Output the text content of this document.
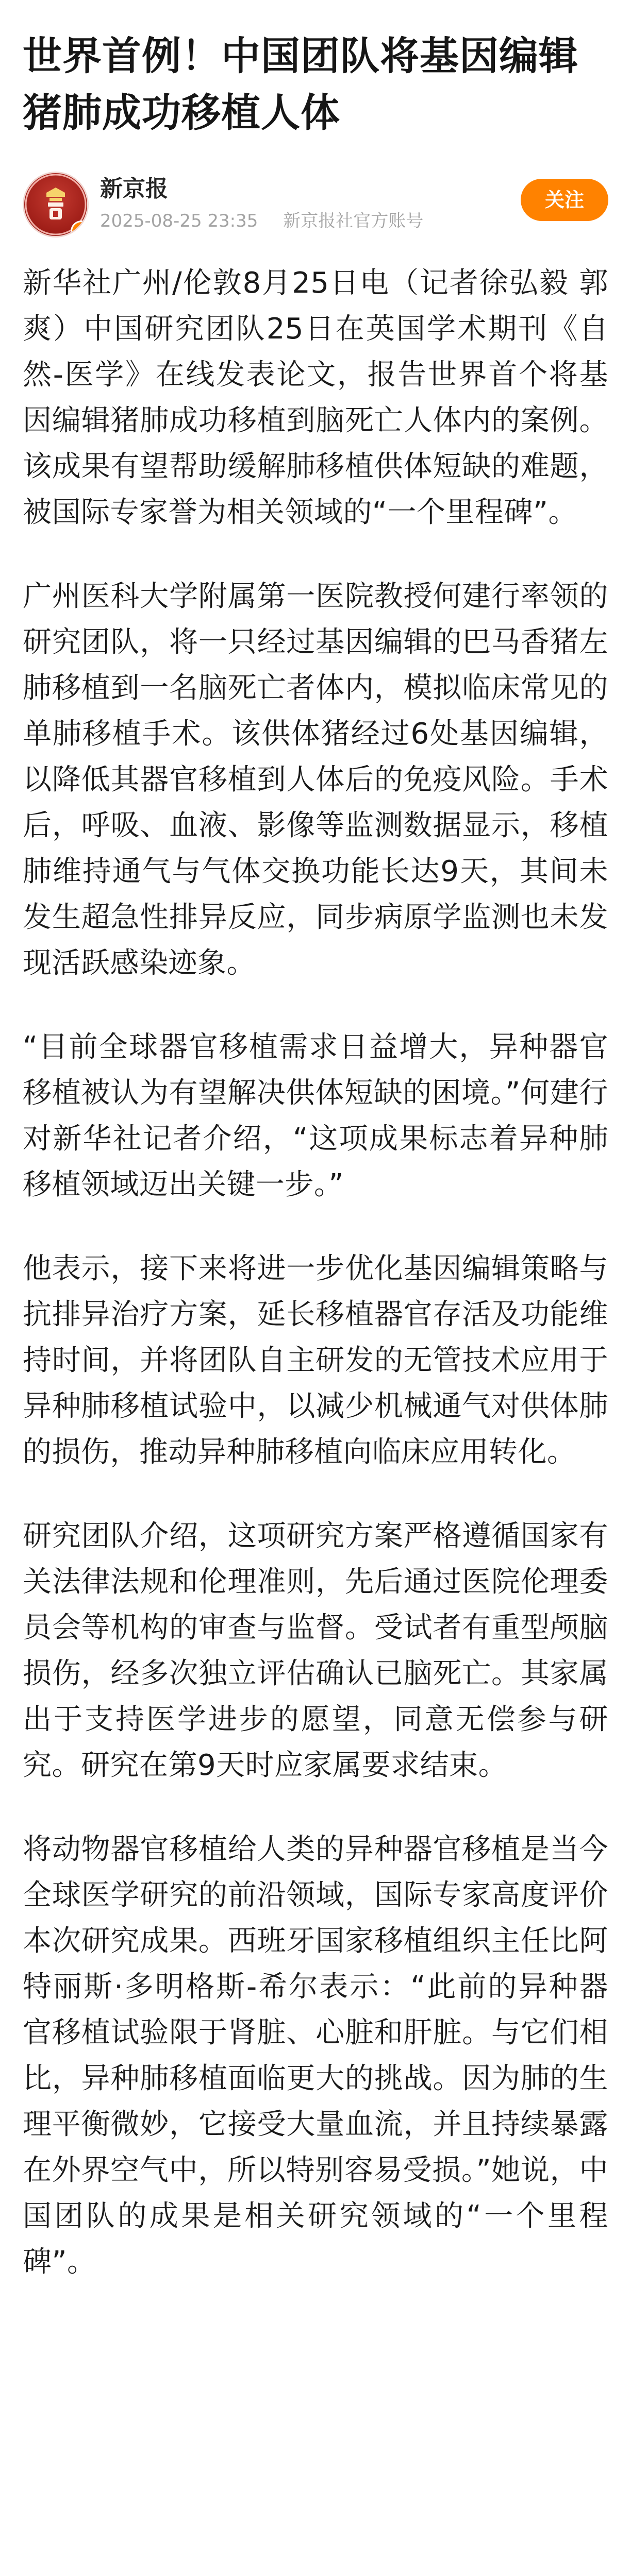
世界首例！中国团队将基因编辑猪肺成功移植人体
✓
新京报
2025-08-25 23:35 新京报社官方账号
关注

新华社广州/伦敦8月25日电（记者徐弘毅 郭爽）中国研究团队25日在英国学术期刊《自然-医学》在线发表论文，报告世界首个将基因编辑猪肺成功移植到脑死亡人体内的案例。该成果有望帮助缓解肺移植供体短缺的难题，被国际专家誉为相关领域的“一个里程碑”。

广州医科大学附属第一医院教授何建行率领的研究团队，将一只经过基因编辑的巴马香猪左肺移植到一名脑死亡者体内，模拟临床常见的单肺移植手术。该供体猪经过6处基因编辑，以降低其器官移植到人体后的免疫风险。手术后，呼吸、血液、影像等监测数据显示，移植肺维持通气与气体交换功能长达9天，其间未发生超急性排异反应，同步病原学监测也未发现活跃感染迹象。

“目前全球器官移植需求日益增大，异种器官移植被认为有望解决供体短缺的困境。”何建行对新华社记者介绍，“这项成果标志着异种肺移植领域迈出关键一步。”

他表示，接下来将进一步优化基因编辑策略与抗排异治疗方案，延长移植器官存活及功能维持时间，并将团队自主研发的无管技术应用于异种肺移植试验中，以减少机械通气对供体肺的损伤，推动异种肺移植向临床应用转化。

研究团队介绍，这项研究方案严格遵循国家有关法律法规和伦理准则，先后通过医院伦理委员会等机构的审查与监督。受试者有重型颅脑损伤，经多次独立评估确认已脑死亡。其家属出于支持医学进步的愿望，同意无偿参与研究。研究在第9天时应家属要求结束。

将动物器官移植给人类的异种器官移植是当今全球医学研究的前沿领域，国际专家高度评价本次研究成果。西班牙国家移植组织主任比阿特丽斯·多明格斯-希尔表示：“此前的异种器官移植试验限于肾脏、心脏和肝脏。与它们相比，异种肺移植面临更大的挑战。因为肺的生理平衡微妙，它接受大量血流，并且持续暴露在外界空气中，所以特别容易受损。”她说，中国团队的成果是相关研究领域的“一个里程碑”。
